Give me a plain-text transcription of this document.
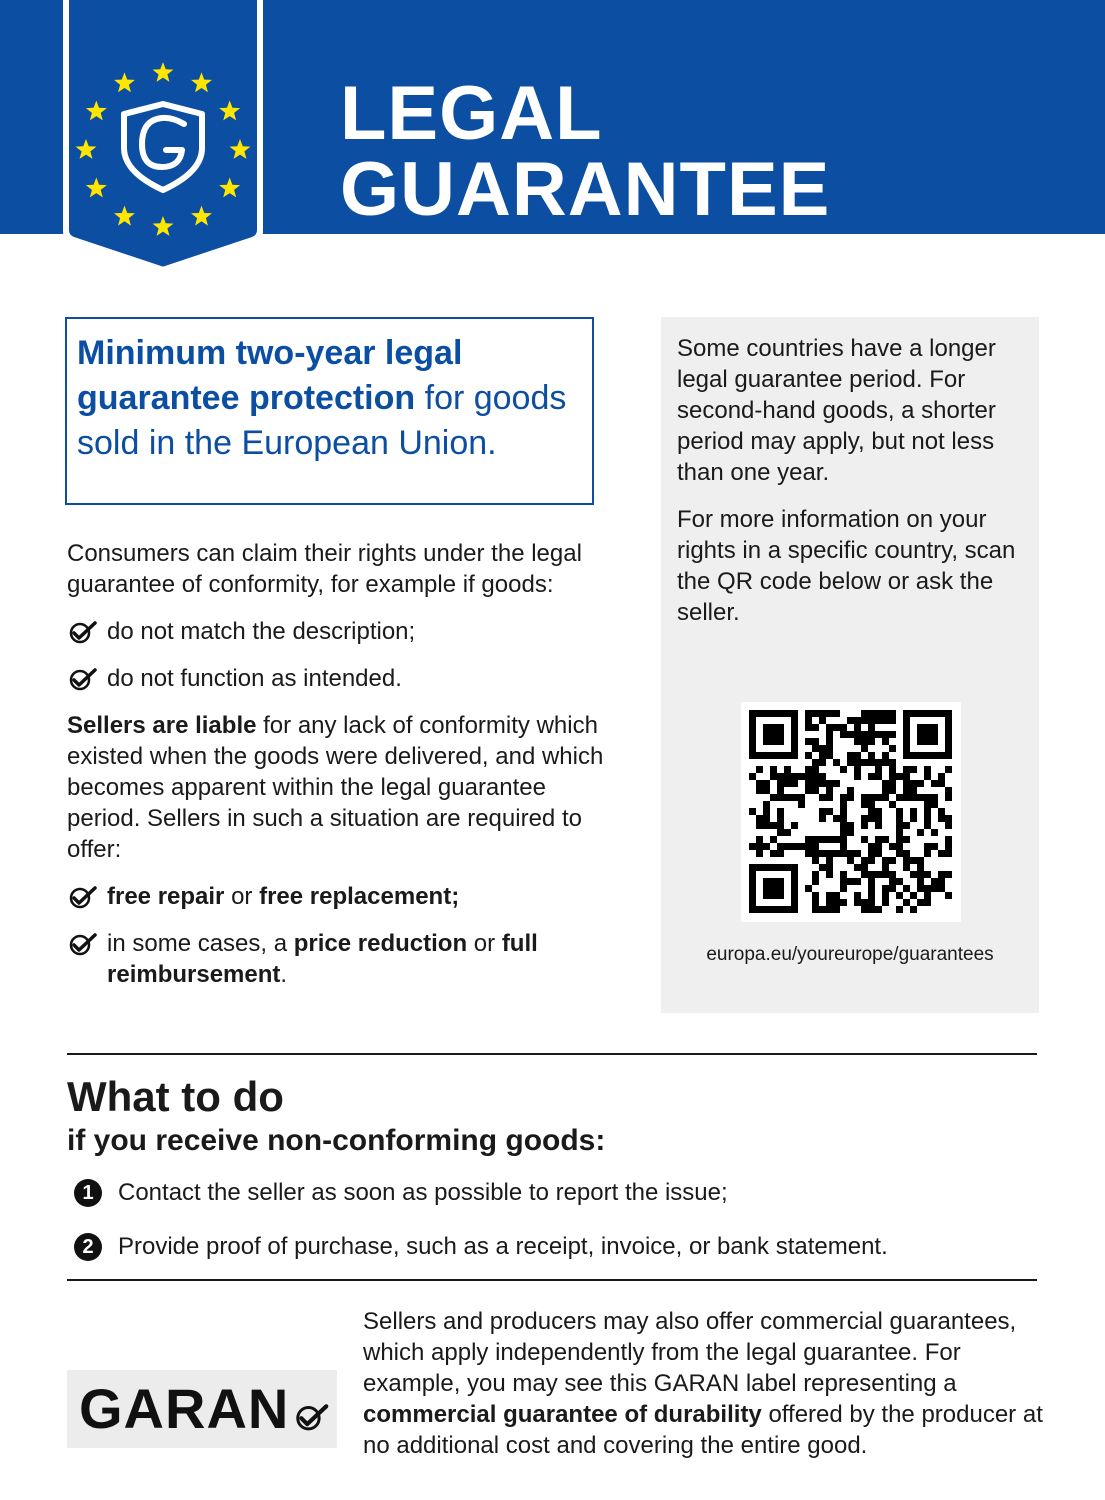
LEGAL
GUARANTEE
Minimum two-year legal guarantee protection for goods sold in the European Union.

Consumers can claim their rights under the legal guarantee of conformity, for example if goods:

do not match the description;
do not function as intended.

Sellers are liable for any lack of conformity which existed when the goods were delivered, and which becomes apparent within the legal guarantee period. Sellers in such a situation are required to offer:

free repair or free replacement;
in some cases, a price reduction or full reimbursement.

Some countries have a longer legal guarantee period. For second-hand goods, a shorter period may apply, but not less than one year.

For more information on your rights in a specific country, scan the QR code below or ask the seller.

europa.eu/youreurope/guarantees
What to do
if you receive non-conforming goods:
1	Contact the seller as soon as possible to report the issue;
2	Provide proof of purchase, such as a receipt, invoice, or bank statement.
GARAN

Sellers and producers may also offer commercial guarantees, which apply independently from the legal guarantee. For example, you may see this GARAN label representing a commercial guarantee of durability offered by the producer at no additional cost and covering the entire good.
